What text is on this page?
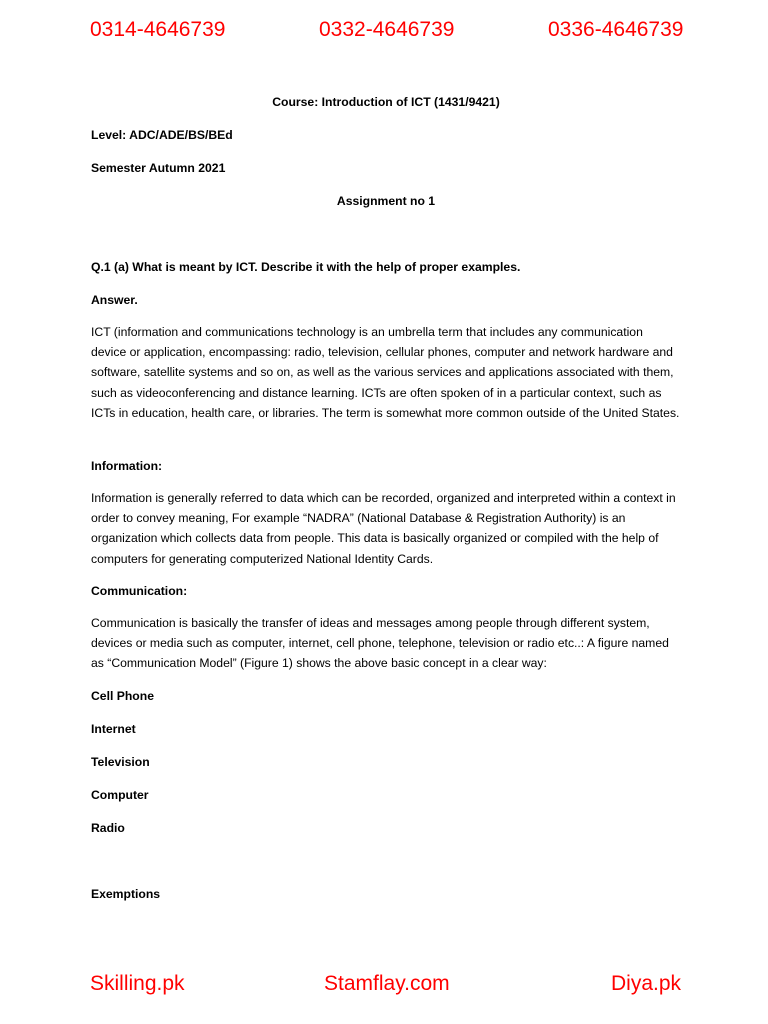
0314-4646739	0332-4646739	0336-4646739
Course: Introduction of ICT (1431/9421)
Level: ADC/ADE/BS/BEd
Semester Autumn 2021
Assignment no 1
Q.1 (a) What is meant by ICT. Describe it with the help of proper examples.
Answer.
ICT (information and communications technology is an umbrella term that includes any communication device or application, encompassing: radio, television, cellular phones, computer and network hardware and software, satellite systems and so on, as well as the various services and applications associated with them, such as videoconferencing and distance learning. ICTs are often spoken of in a particular context, such as ICTs in education, health care, or libraries. The term is somewhat more common outside of the United States.
Information:
Information is generally referred to data which can be recorded, organized and interpreted within a context in order to convey meaning, For example “NADRA” (National Database & Registration Authority) is an organization which collects data from people. This data is basically organized or compiled with the help of computers for generating computerized National Identity Cards.
Communication:
Communication is basically the transfer of ideas and messages among people through different system, devices or media such as computer, internet, cell phone, telephone, television or radio etc..: A figure named as “Communication Model” (Figure 1) shows the above basic concept in a clear way:
Cell Phone
Internet
Television
Computer
Radio
Exemptions
Skilling.pk	Stamflay.com	Diya.pk
